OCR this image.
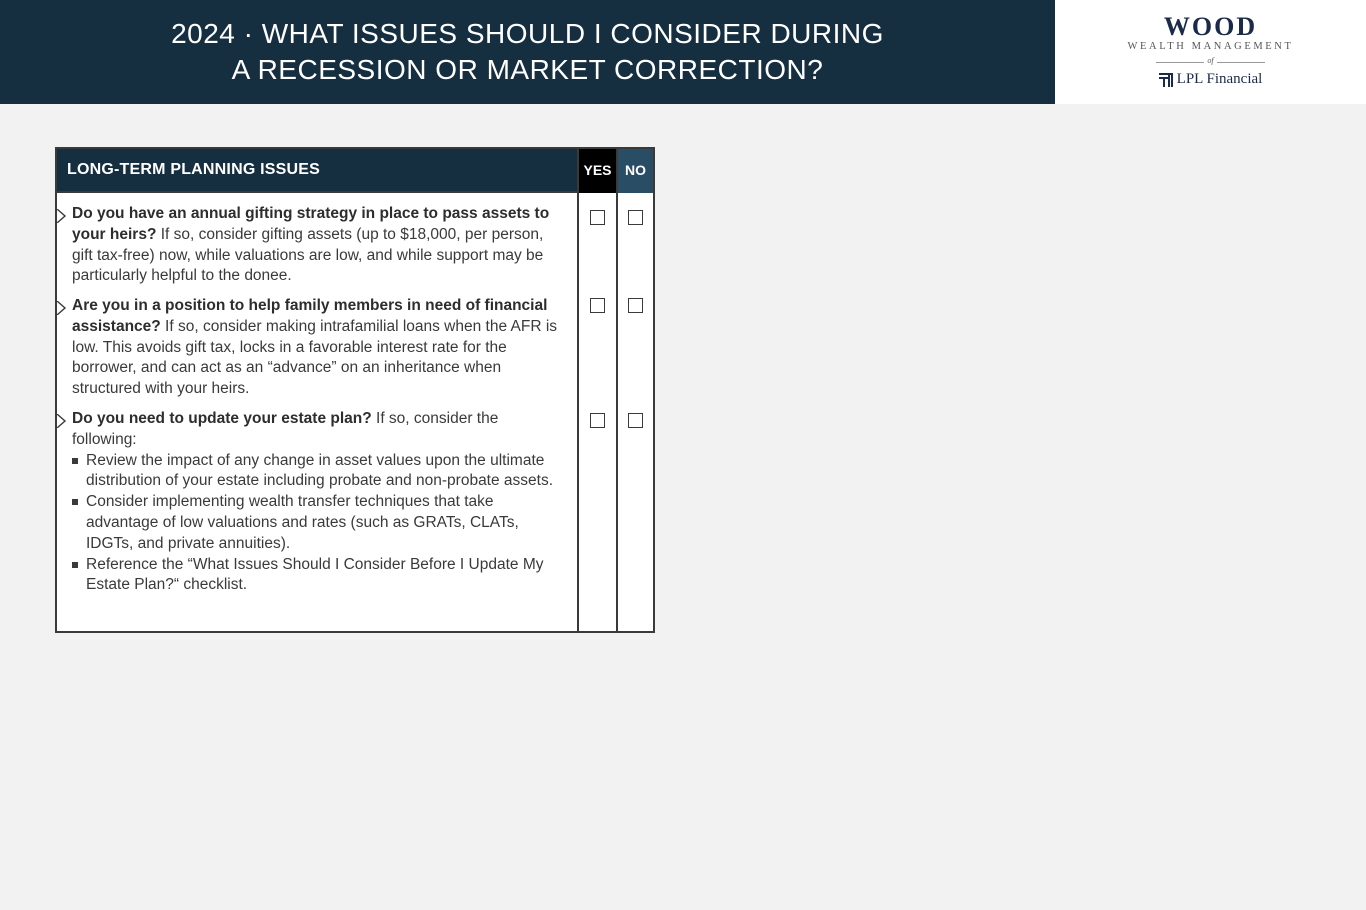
2024 · WHAT ISSUES SHOULD I CONSIDER DURING
A RECESSION OR MARKET CORRECTION?
WOOD
WEALTH MANAGEMENT
of
LPL Financial
LONG-TERM PLANNING ISSUES	YES NO
Do you have an annual gifting strategy in place to pass assets to your heirs? If so, consider gifting assets (up to $18,000, per person, gift tax-free) now, while valuations are low, and while support may be particularly helpful to the donee.
Are you in a position to help family members in need of financial assistance? If so, consider making intrafamilial loans when the AFR is low. This avoids gift tax, locks in a favorable interest rate for the borrower, and can act as an “advance” on an inheritance when structured with your heirs.
Do you need to update your estate plan? If so, consider the following:
Review the impact of any change in asset values upon the ultimate distribution of your estate including probate and non-probate assets.
Consider implementing wealth transfer techniques that take advantage of low valuations and rates (such as GRATs, CLATs, IDGTs, and private annuities).
Reference the “What Issues Should I Consider Before I Update My Estate Plan?“ checklist.
